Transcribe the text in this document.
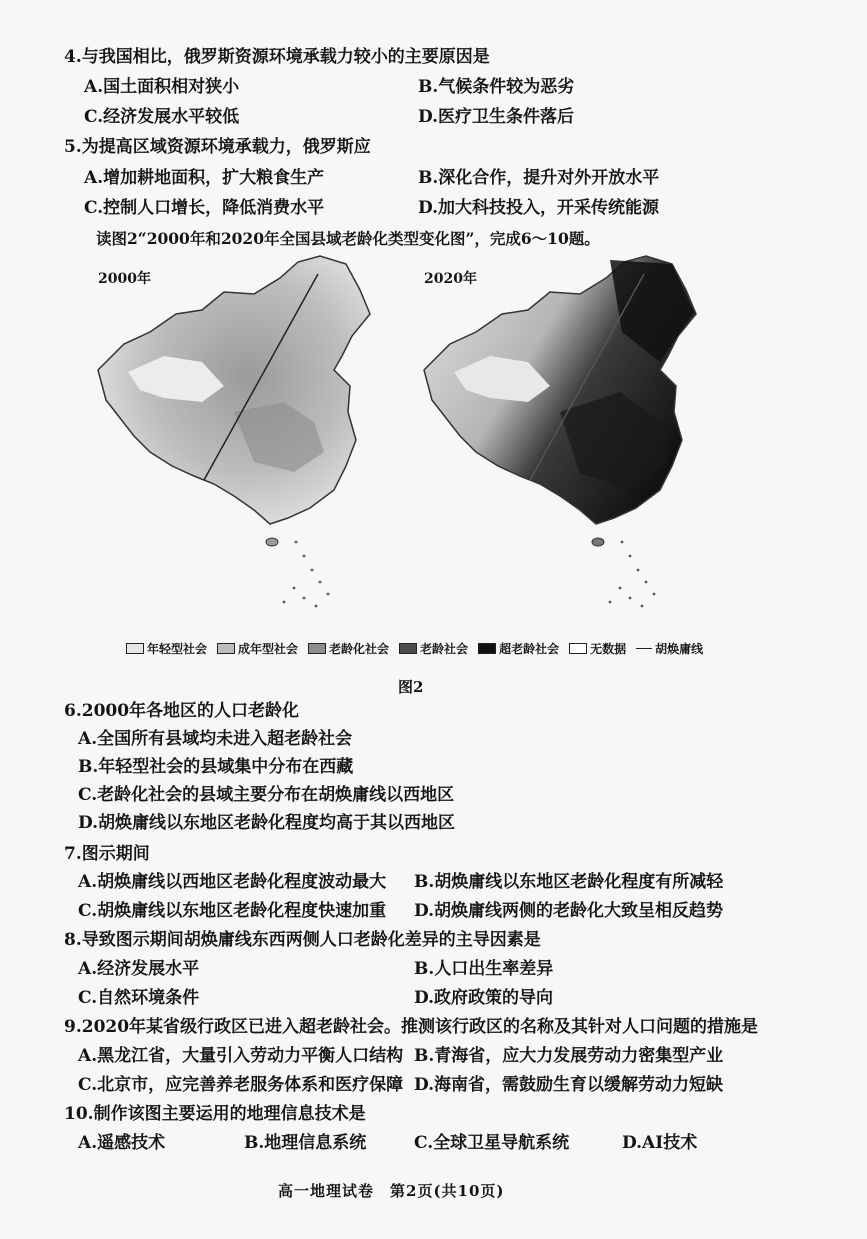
4.与我国相比，俄罗斯资源环境承载力较小的主要原因是
A.国土面积相对狭小	B.气候条件较为恶劣
C.经济发展水平较低	D.医疗卫生条件落后
5.为提高区域资源环境承载力，俄罗斯应
A.增加耕地面积，扩大粮食生产	B.深化合作，提升对外开放水平
C.控制人口增长，降低消费水平	D.加大科技投入，开采传统能源
读图2“2000年和2020年全国县域老龄化类型变化图”，完成6～10题。
2000年	2020年
年轻型社会	成年型社会	老龄化社会	老龄社会	超老龄社会	无数据 胡焕庸线
图2
6.2000年各地区的人口老龄化
A.全国所有县域均未进入超老龄社会
B.年轻型社会的县域集中分布在西藏
C.老龄化社会的县域主要分布在胡焕庸线以西地区
D.胡焕庸线以东地区老龄化程度均高于其以西地区
7.图示期间
A.胡焕庸线以西地区老龄化程度波动最大 B.胡焕庸线以东地区老龄化程度有所减轻
C.胡焕庸线以东地区老龄化程度快速加重 D.胡焕庸线两侧的老龄化大致呈相反趋势
8.导致图示期间胡焕庸线东西两侧人口老龄化差异的主导因素是
A.经济发展水平	B.人口出生率差异
C.自然环境条件	D.政府政策的导向
9.2020年某省级行政区已进入超老龄社会。推测该行政区的名称及其针对人口问题的措施是
A.黑龙江省，大量引入劳动力平衡人口结构 B.青海省，应大力发展劳动力密集型产业
C.北京市，应完善养老服务体系和医疗保障 D.海南省，需鼓励生育以缓解劳动力短缺
10.制作该图主要运用的地理信息技术是
A.遥感技术	B.地理信息系统	C.全球卫星导航系统	D.AI技术
高一地理试卷　第2页(共10页)
